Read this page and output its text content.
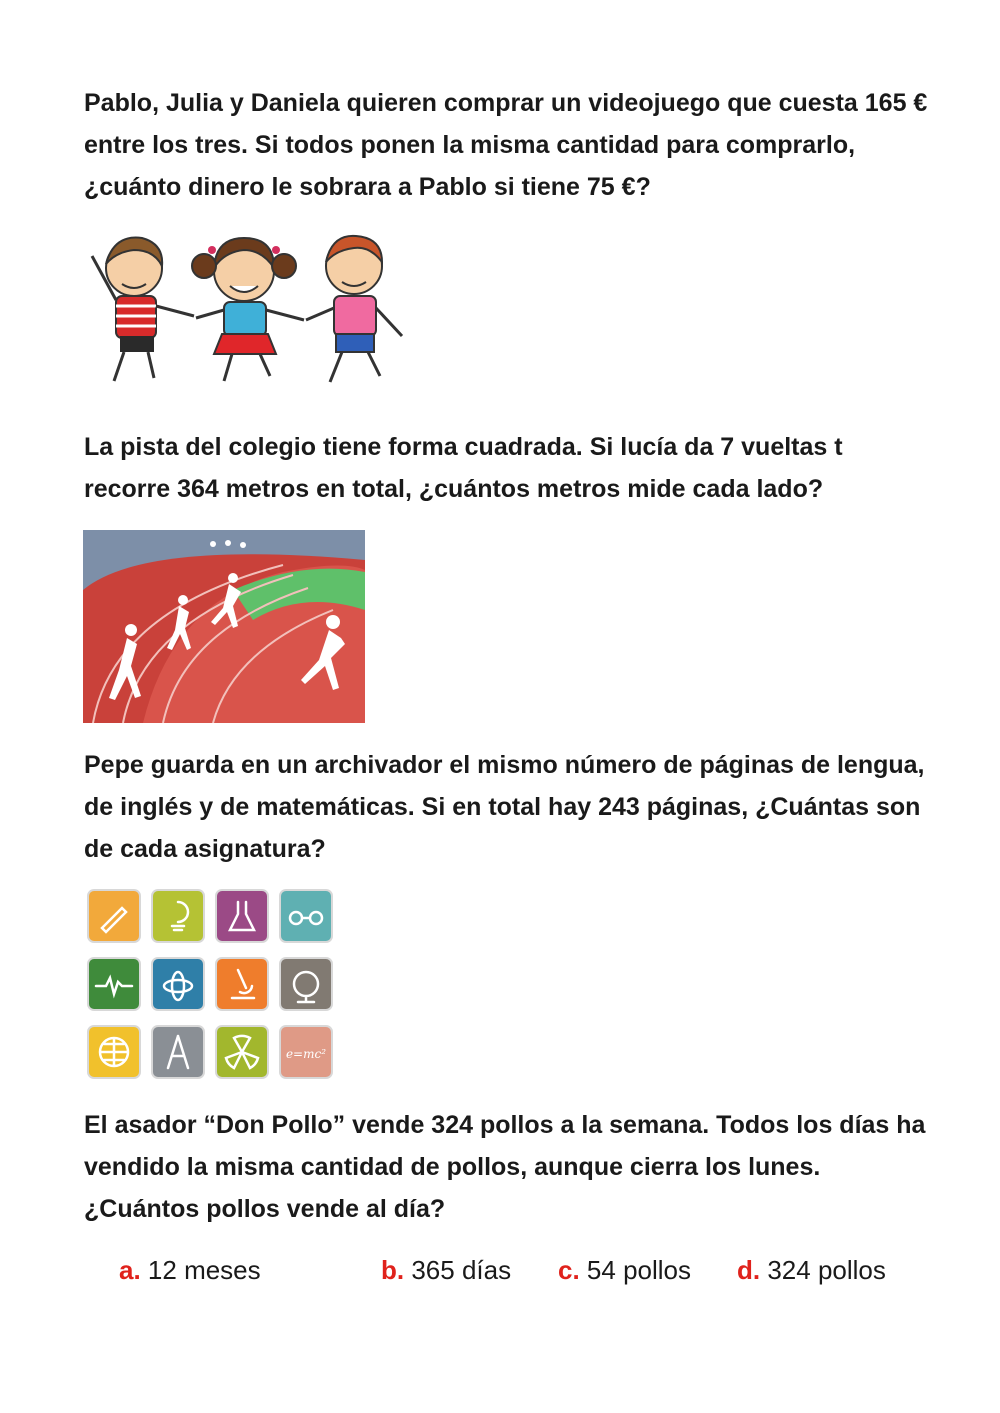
Pablo, Julia y Daniela quieren comprar un videojuego que cuesta 165 € entre los tres. Si todos ponen la misma cantidad para comprarlo, ¿cuánto dinero le sobrara a Pablo si tiene 75 €?

La pista del colegio tiene forma cuadrada. Si lucía da 7 vueltas t recorre 364 metros en total, ¿cuántos metros mide cada lado?

Pepe guarda en un archivador el mismo número de páginas de lengua, de inglés y de matemáticas. Si en total hay 243 páginas, ¿Cuántas son de cada asignatura?

e=mc²

El asador “Don Pollo” vende 324 pollos a la semana. Todos los días ha vendido la misma cantidad de pollos, aunque cierra los lunes. ¿Cuántos pollos vende al día?

a. 12 meses	b. 365 días c. 54 pollos d. 324 pollos
